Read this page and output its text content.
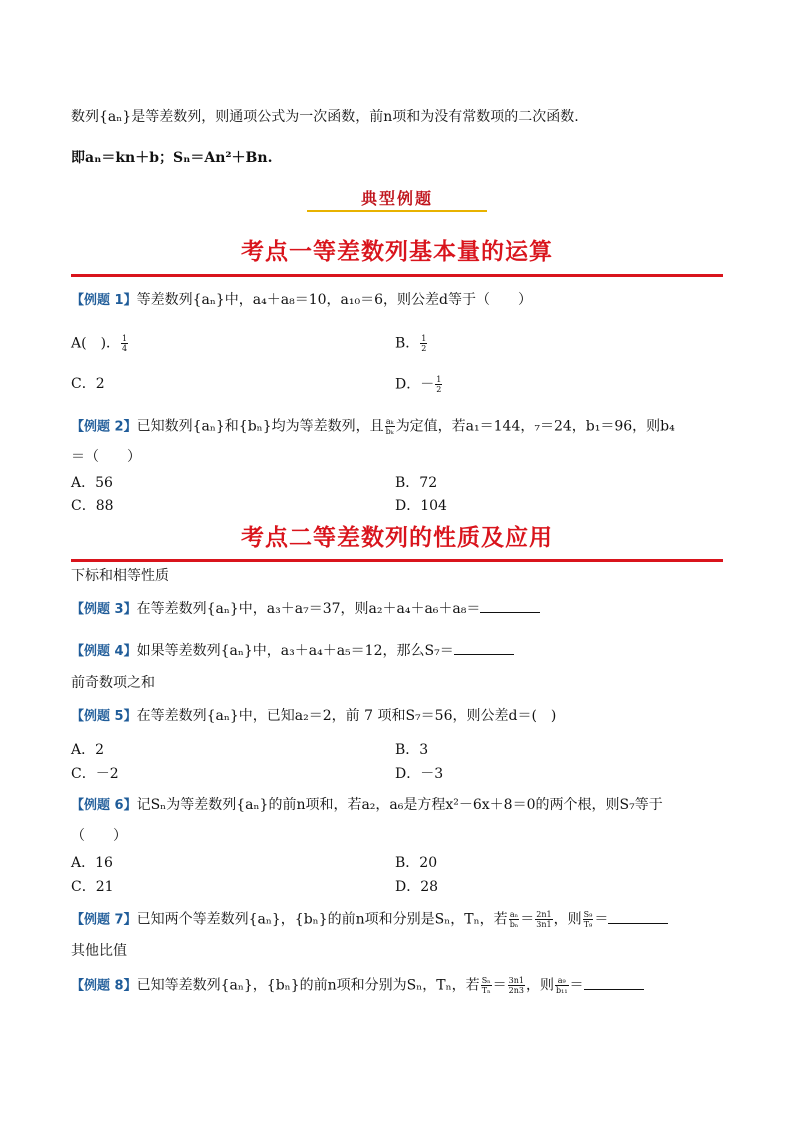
数列{aₙ}是等差数列，则通项公式为一次函数，前n项和为没有常数项的二次函数.
即aₙ＝kn＋b；Sₙ＝An²＋Bn.
典型例题
考点一等差数列基本量的运算
【例题 1】等差数列{aₙ}中，a₄＋a₈＝10，a₁₀＝6，则公差d等于（　　）
A(　)． $\frac{1}{4}$	B． $\frac{1}{2}$
C．2	D．－ $\frac{1}{2}$
【例题 2】已知数列{aₙ}和{bₙ}均为等差数列，且 $\frac{\text{aₖ}}{\text{bₖ}}$ 为定值，若a₁＝144，₇＝24，b₁＝96，则b₄
＝（　　）
A．56	B．72
C．88	D．104
考点二等差数列的性质及应用
下标和相等性质
【例题 3】在等差数列{aₙ}中，a₃＋a₇＝37，则a₂＋a₄＋a₆＋a₈＝
【例题 4】如果等差数列{aₙ}中，a₃＋a₄＋a₅＝12，那么S₇＝
前奇数项之和
【例题 5】在等差数列{aₙ}中，已知a₂＝2，前 7 项和S₇＝56，则公差d＝(　)
A．2	B．3
C．－2	D．－3
【例题 6】记Sₙ为等差数列{aₙ}的前n项和，若a₂，a₆是方程x²－6x＋8＝0的两个根，则S₇等于
（　　）
A．16	B．20
C．21	D．28
【例题 7】已知两个等差数列{aₙ}，{bₙ}的前n项和分别是Sₙ，Tₙ，若 $\frac{\text{aₙ}}{\text{bₙ}} = \frac{2n1}{3n1}$ ，则 $\frac{\text{S₉}}{\text{T₉}}$ ＝
其他比值
【例题 8】已知等差数列{aₙ}，{bₙ}的前n项和分别为Sₙ，Tₙ，若 $\frac{\text{Sₙ}}{\text{Tₙ}} = \frac{3n1}{2n3}$ ，则 $\frac{\text{a₉}}{\text{b₁₁}}$ ＝
